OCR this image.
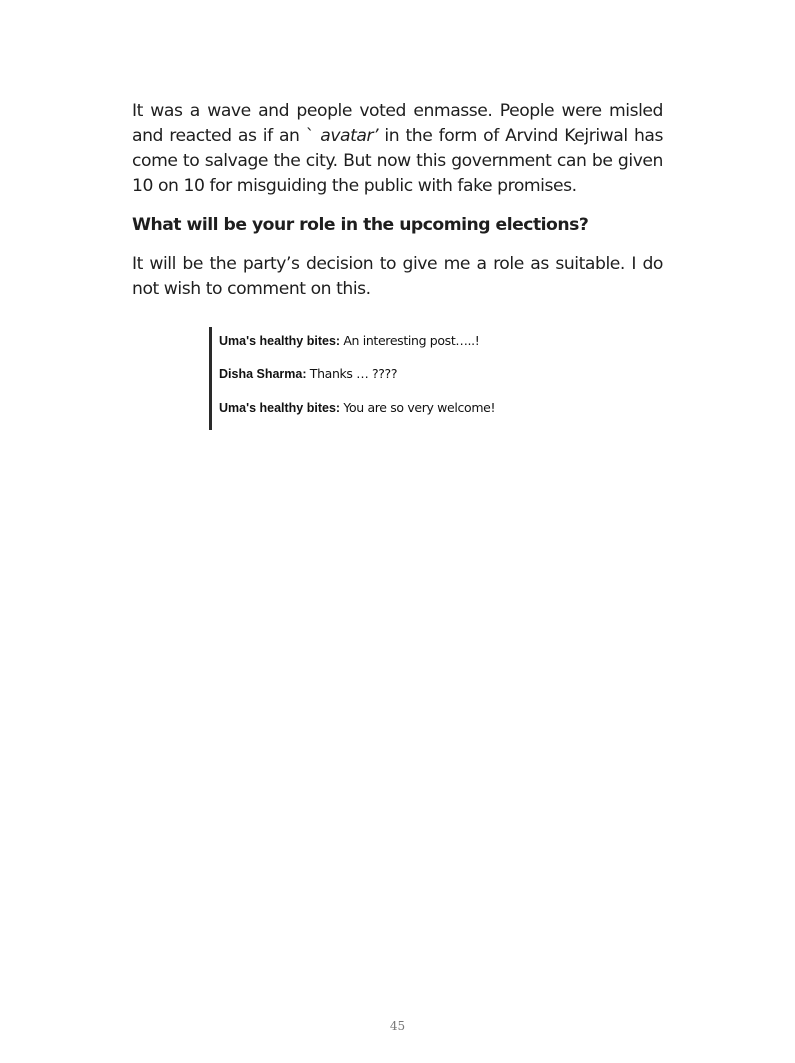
It was a wave and people voted enmasse. People were misled and reacted as if an ` avatar’ in the form of Arvind Kejriwal has come to salvage the city. But now this government can be given 10 on 10 for misguiding the public with fake promises.

What will be your role in the upcoming elections?

It will be the party’s decision to give me a role as suitable. I do not wish to comment on this.

Uma's healthy bites: An interesting post…..!
Disha Sharma: Thanks … ????
Uma's healthy bites: You are so very welcome!
45
